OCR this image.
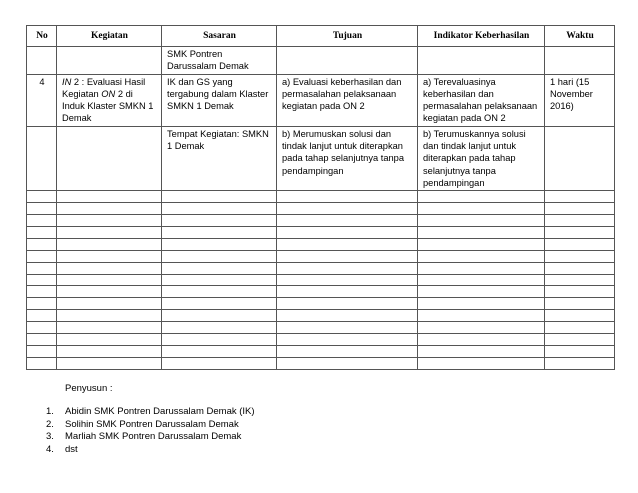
No	Kegiatan	Sasaran	Tujuan	Indikator Keberhasilan	Waktu
		SMK Pontren Darussalam Demak			
4	IN 2 : Evaluasi Hasil Kegiatan ON 2 di Induk Klaster SMKN 1 Demak	IK dan GS yang tergabung dalam Klaster SMKN 1 Demak	a) Evaluasi keberhasilan dan permasalahan pelaksanaan kegiatan pada ON 2	a) Terevaluasinya keberhasilan dan permasalahan pelaksanaan kegiatan pada ON 2	1 hari (15 November 2016)
		Tempat Kegiatan: SMKN 1 Demak	b) Merumuskan solusi dan tindak lanjut untuk diterapkan pada tahap selanjutnya tanpa pendampingan	b) Terumuskannya solusi dan tindak lanjut untuk diterapkan pada tahap selanjutnya tanpa pendampingan	

Penyusun :
1.	Abidin SMK Pontren Darussalam Demak (IK)
2.	Solihin SMK Pontren Darussalam Demak
3.	Marliah SMK Pontren Darussalam Demak
4.	dst
